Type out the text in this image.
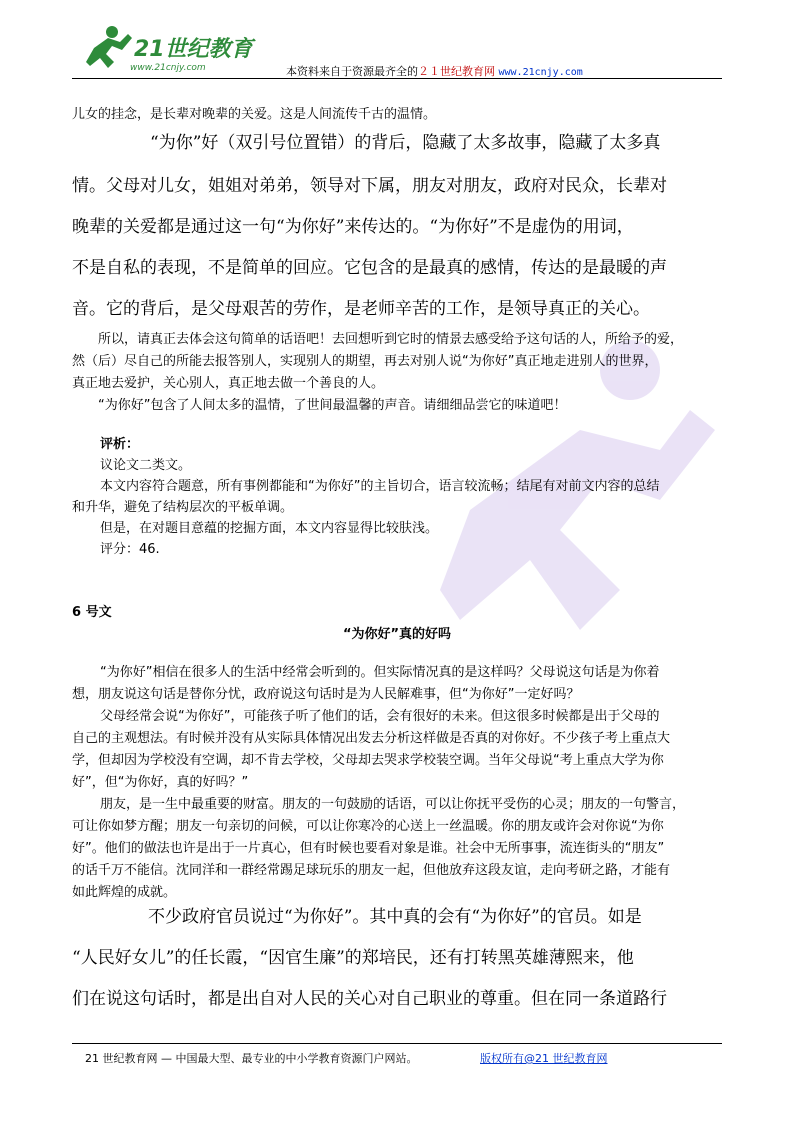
21世纪教育
www.21cnjy.com	本资料来自于资源最齐全的２１世纪教育网 www.21cnjy.com
儿女的挂念，是长辈对晚辈的关爱。这是人间流传千古的温情。
“为你”好（双引号位置错）的背后，隐藏了太多故事，隐藏了太多真
情。父母对儿女，姐姐对弟弟，领导对下属，朋友对朋友，政府对民众，长辈对
晚辈的关爱都是通过这一句“为你好”来传达的。“为你好”不是虚伪的用词，
不是自私的表现，不是简单的回应。它包含的是最真的感情，传达的是最暖的声
音。它的背后，是父母艰苦的劳作，是老师辛苦的工作，是领导真正的关心。
所以，请真正去体会这句简单的话语吧！去回想听到它时的情景去感受给予这句话的人，所给予的爱，
然（后）尽自己的所能去报答别人，实现别人的期望，再去对别人说“为你好”真正地走进别人的世界，
真正地去爱护，关心别人，真正地去做一个善良的人。
“为你好”包含了人间太多的温情，了世间最温馨的声音。请细细品尝它的味道吧！
评析：
议论文二类文。
本文内容符合题意，所有事例都能和“为你好”的主旨切合，语言较流畅；结尾有对前文内容的总结
和升华，避免了结构层次的平板单调。
但是，在对题目意蕴的挖掘方面，本文内容显得比较肤浅。
评分：46.
6 号文
“为你好”真的好吗
“为你好”相信在很多人的生活中经常会听到的。但实际情况真的是这样吗？父母说这句话是为你着
想，朋友说这句话是替你分忧，政府说这句话时是为人民解难事，但“为你好”一定好吗？
父母经常会说“为你好”，可能孩子听了他们的话，会有很好的未来。但这很多时候都是出于父母的
自己的主观想法。有时候并没有从实际具体情况出发去分析这样做是否真的对你好。不少孩子考上重点大
学，但却因为学校没有空调，却不肯去学校，父母却去哭求学校装空调。当年父母说“考上重点大学为你
好”，但“为你好，真的好吗？”
朋友，是一生中最重要的财富。朋友的一句鼓励的话语，可以让你抚平受伤的心灵；朋友的一句警言，
可让你如梦方醒；朋友一句亲切的问候，可以让你寒冷的心送上一丝温暖。你的朋友或许会对你说“为你
好”。他们的做法也许是出于一片真心，但有时候也要看对象是谁。社会中无所事事，流连街头的“朋友”
的话千万不能信。沈同洋和一群经常踢足球玩乐的朋友一起，但他放弃这段友谊，走向考研之路，才能有
如此辉煌的成就。
不少政府官员说过“为你好”。其中真的会有“为你好”的官员。如是
“人民好女儿”的任长霞，“因官生廉”的郑培民，还有打转黑英雄薄熙来，他
们在说这句话时，都是出自对人民的关心对自己职业的尊重。但在同一条道路行
21 世纪教育网 — 中国最大型、最专业的中小学教育资源门户网站。	版权所有@21 世纪教育网
